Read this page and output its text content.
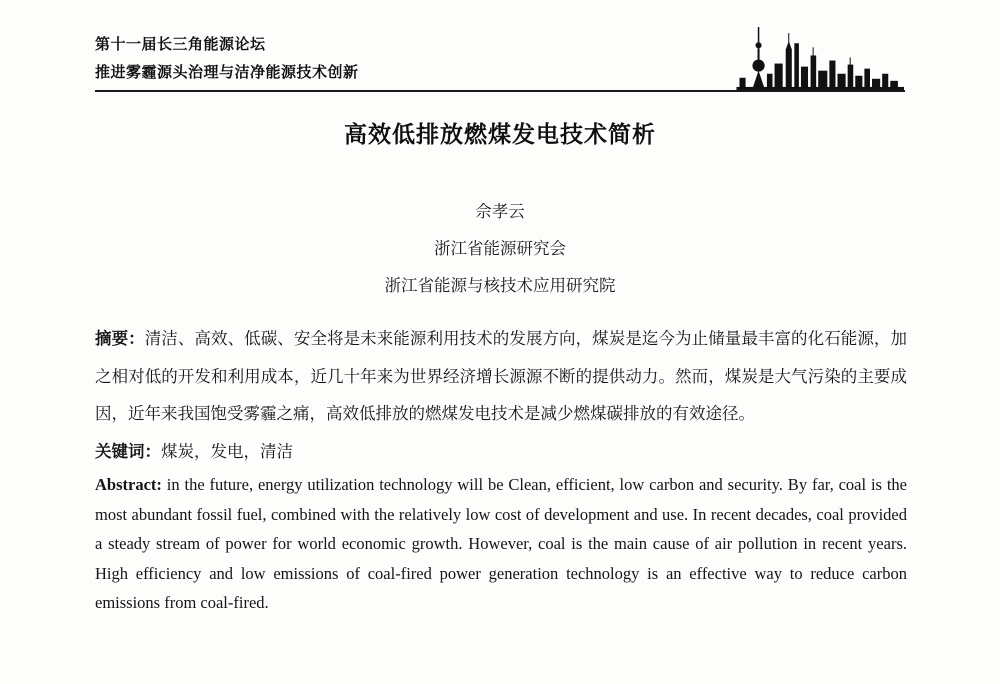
第十一届长三角能源论坛
推进雾霾源头治理与洁净能源技术创新
高效低排放燃煤发电技术简析
佘孝云
浙江省能源研究会
浙江省能源与核技术应用研究院

摘要：清洁、高效、低碳、安全将是未来能源利用技术的发展方向，煤炭是迄今为止储量最丰富的化石能源，加之相对低的开发和利用成本，近几十年来为世界经济增长源源不断的提供动力。然而，煤炭是大气污染的主要成因，近年来我国饱受雾霾之痛，高效低排放的燃煤发电技术是减少燃煤碳排放的有效途径。

关键词：煤炭，发电，清洁

Abstract: in the future, energy utilization technology will be Clean, efficient, low carbon and security. By far, coal is the most abundant fossil fuel, combined with the relatively low cost of development and use. In recent decades, coal provided a steady stream of power for world economic growth. However, coal is the main cause of air pollution in recent years. High efficiency and low emissions of coal-fired power generation technology is an effective way to reduce carbon emissions from coal-fired.
